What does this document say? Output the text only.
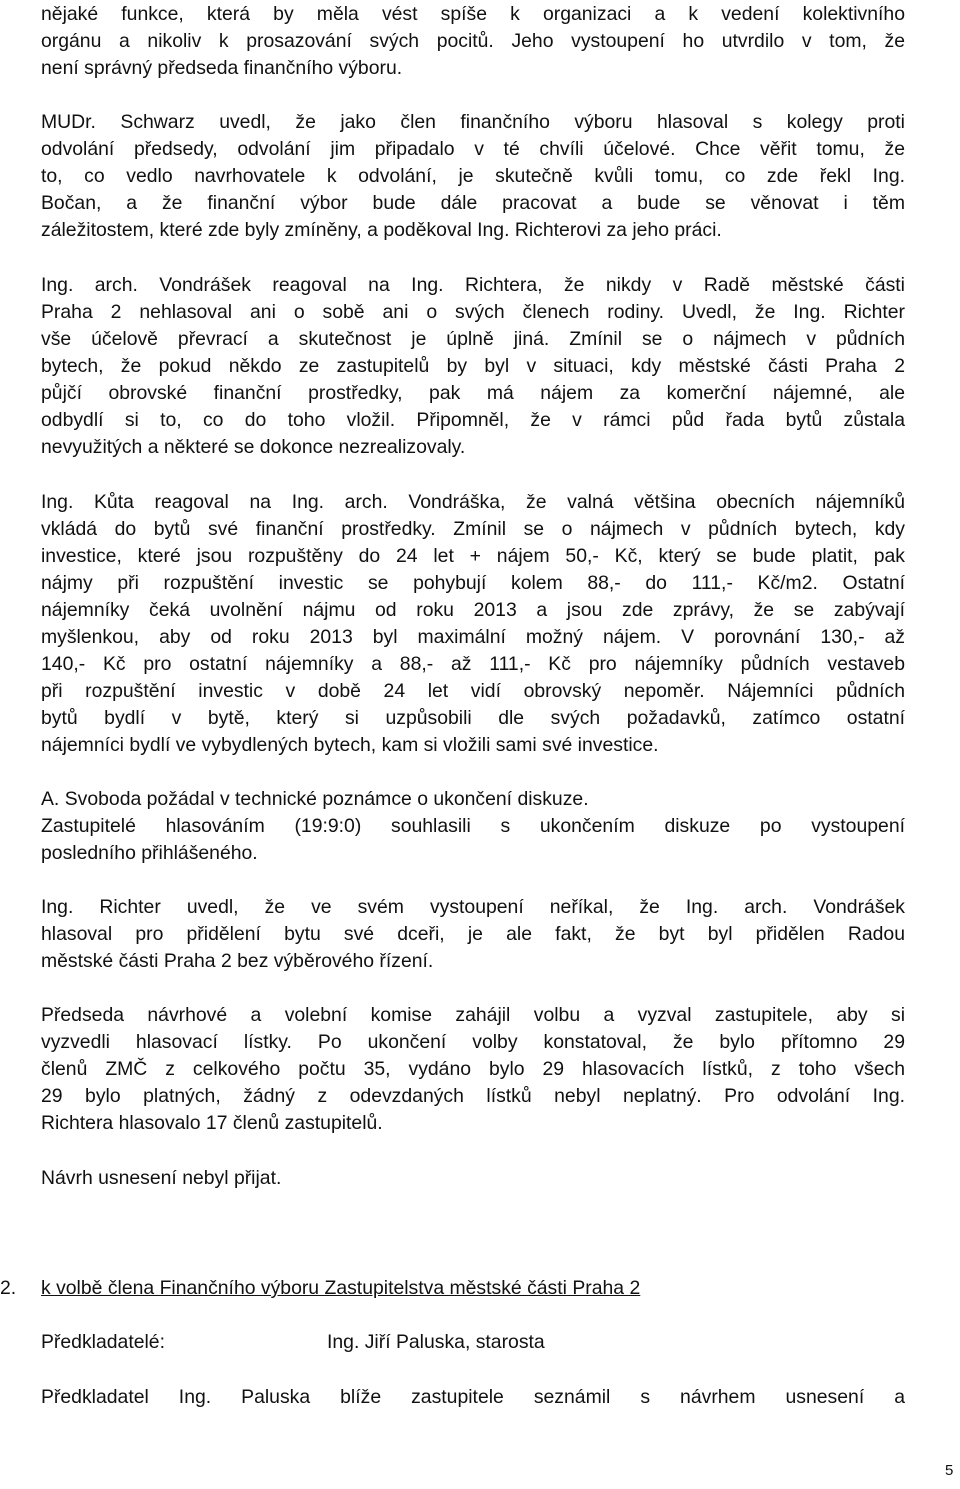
nějaké funkce, která by měla vést spíše k organizaci a k vedení kolektivního
orgánu a nikoliv k prosazování svých pocitů. Jeho vystoupení ho utvrdilo v tom, že
není správný předseda finančního výboru.
MUDr. Schwarz uvedl, že jako člen finančního výboru hlasoval s kolegy proti
odvolání předsedy, odvolání jim připadalo v té chvíli účelové. Chce věřit tomu, že
to, co vedlo navrhovatele k odvolání, je skutečně kvůli tomu, co zde řekl Ing.
Bočan, a že finanční výbor bude dále pracovat a bude se věnovat i těm
záležitostem, které zde byly zmíněny, a poděkoval Ing. Richterovi za jeho práci.
Ing. arch. Vondrášek reagoval na Ing. Richtera, že nikdy v Radě městské části
Praha 2 nehlasoval ani o sobě ani o svých členech rodiny. Uvedl, že Ing. Richter
vše účelově převrací a skutečnost je úplně jiná. Zmínil se o nájmech v půdních
bytech, že pokud někdo ze zastupitelů by byl v situaci, kdy městské části Praha 2
půjčí obrovské finanční prostředky, pak má nájem za komerční nájemné, ale
odbydlí si to, co do toho vložil. Připomněl, že v rámci půd řada bytů zůstala
nevyužitých a některé se dokonce nezrealizovaly.
Ing. Kůta reagoval na Ing. arch. Vondráška, že valná většina obecních nájemníků
vkládá do bytů své finanční prostředky. Zmínil se o nájmech v půdních bytech, kdy
investice, které jsou rozpuštěny do 24 let + nájem 50,- Kč, který se bude platit, pak
nájmy při rozpuštění investic se pohybují kolem 88,- do 111,- Kč/m2. Ostatní
nájemníky čeká uvolnění nájmu od roku 2013 a jsou zde zprávy, že se zabývají
myšlenkou, aby od roku 2013 byl maximální možný nájem. V porovnání 130,- až
140,- Kč pro ostatní nájemníky a 88,- až 111,- Kč pro nájemníky půdních vestaveb
při rozpuštění investic v době 24 let vidí obrovský nepoměr. Nájemníci půdních
bytů bydlí v bytě, který si uzpůsobili dle svých požadavků, zatímco ostatní
nájemníci bydlí ve vybydlených bytech, kam si vložili sami své investice.
A. Svoboda požádal v technické poznámce o ukončení diskuze.
Zastupitelé hlasováním (19:9:0) souhlasili s ukončením diskuze po vystoupení
posledního přihlášeného.
Ing. Richter uvedl, že ve svém vystoupení neříkal, že Ing. arch. Vondrášek
hlasoval pro přidělení bytu své dceři, je ale fakt, že byt byl přidělen Radou
městské části Praha 2 bez výběrového řízení.
Předseda návrhové a volební komise zahájil volbu a vyzval zastupitele, aby si
vyzvedli hlasovací lístky. Po ukončení volby konstatoval, že bylo přítomno 29
členů ZMČ z celkového počtu 35, vydáno bylo 29 hlasovacích lístků, z toho všech
29 bylo platných, žádný z odevzdaných lístků nebyl neplatný. Pro odvolání Ing.
Richtera hlasovalo 17 členů zastupitelů.
Návrh usnesení nebyl přijat.
2.	k volbě člena Finančního výboru Zastupitelstva městské části Praha 2
Předkladatelé:	Ing. Jiří Paluska, starosta
Předkladatel Ing. Paluska blíže zastupitele seznámil s návrhem usnesení a
5
